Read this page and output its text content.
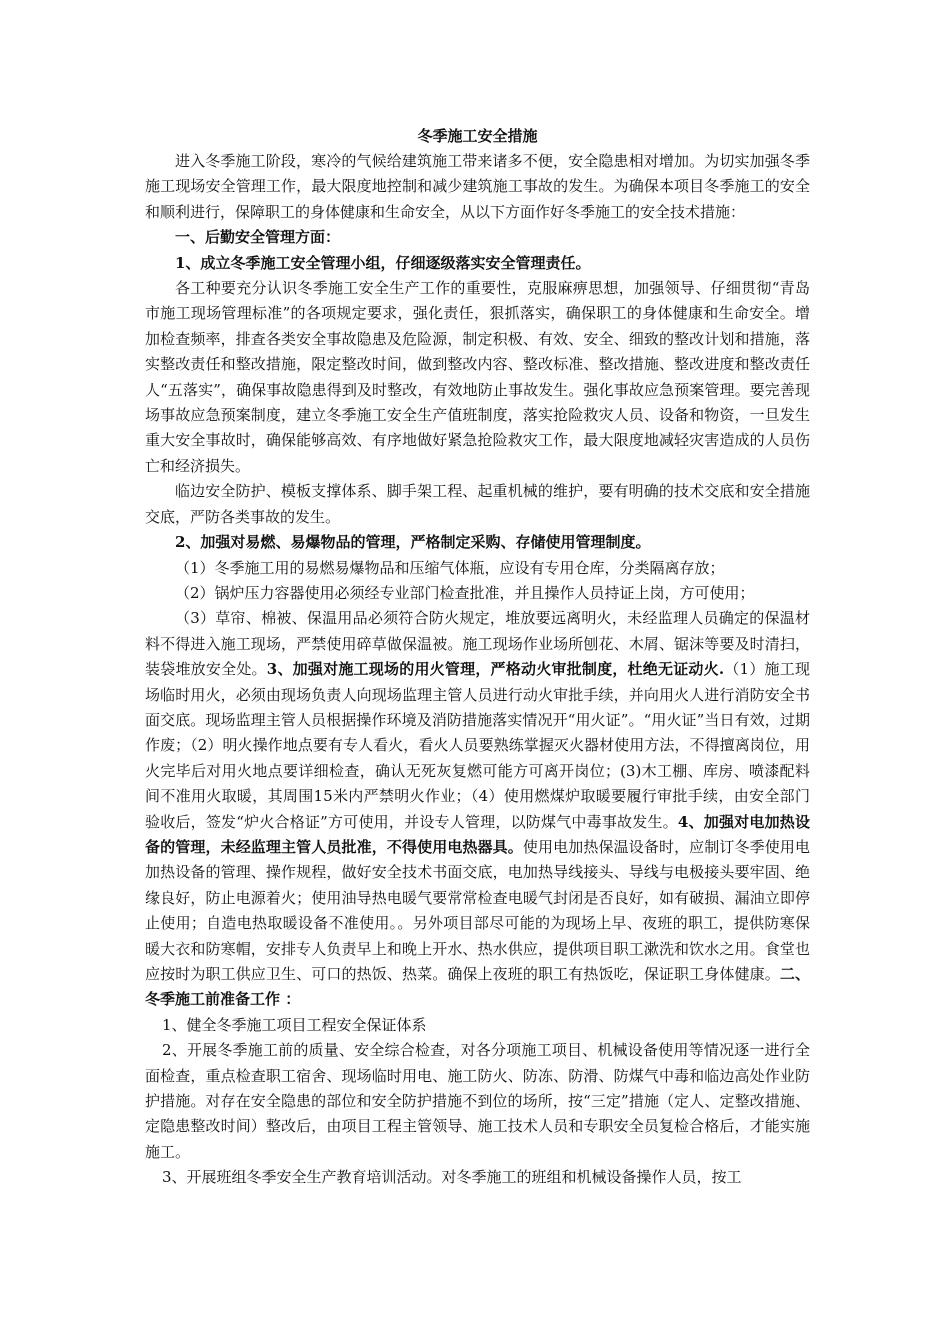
冬季施工安全措施

进入冬季施工阶段，寒冷的气候给建筑施工带来诸多不便，安全隐患相对增加。为切实加强冬季施工现场安全管理工作，最大限度地控制和减少建筑施工事故的发生。为确保本项目冬季施工的安全和顺利进行，保障职工的身体健康和生命安全，从以下方面作好冬季施工的安全技术措施：

一、后勤安全管理方面：

1、成立冬季施工安全管理小组，仔细逐级落实安全管理责任。

各工种要充分认识冬季施工安全生产工作的重要性，克服麻痹思想，加强领导、仔细贯彻“青岛市施工现场管理标准”的各项规定要求，强化责任，狠抓落实，确保职工的身体健康和生命安全。增加检查频率，排查各类安全事故隐患及危险源，制定积极、有效、安全、细致的整改计划和措施，落实整改责任和整改措施，限定整改时间，做到整改内容、整改标准、整改措施、整改进度和整改责任人“五落实”，确保事故隐患得到及时整改，有效地防止事故发生。强化事故应急预案管理。要完善现场事故应急预案制度，建立冬季施工安全生产值班制度，落实抢险救灾人员、设备和物资，一旦发生重大安全事故时，确保能够高效、有序地做好紧急抢险救灾工作，最大限度地减轻灾害造成的人员伤亡和经济损失。

临边安全防护、模板支撑体系、脚手架工程、起重机械的维护，要有明确的技术交底和安全措施交底，严防各类事故的发生。

2、加强对易燃、易爆物品的管理，严格制定采购、存储使用管理制度。

（1）冬季施工用的易燃易爆物品和压缩气体瓶，应设有专用仓库，分类隔离存放；

（2）锅炉压力容器使用必须经专业部门检查批准，并且操作人员持证上岗，方可使用；

（3）草帘、棉被、保温用品必须符合防火规定，堆放要远离明火，未经监理人员确定的保温材料不得进入施工现场，严禁使用碎草做保温被。施工现场作业场所刨花、木屑、锯沫等要及时清扫，装袋堆放安全处。3、加强对施工现场的用火管理，严格动火审批制度，杜绝无证动火.（1）施工现场临时用火，必须由现场负责人向现场监理主管人员进行动火审批手续，并向用火人进行消防安全书面交底。现场监理主管人员根据操作环境及消防措施落实情况开“用火证”。“用火证”当日有效，过期作废；（2）明火操作地点要有专人看火，看火人员要熟练掌握灭火器材使用方法，不得擅离岗位，用火完毕后对用火地点要详细检查，确认无死灰复燃可能方可离开岗位；(3)木工棚、库房、喷漆配料间不准用火取暖，其周围15米内严禁明火作业；（4）使用燃煤炉取暖要履行审批手续，由安全部门验收后，签发“炉火合格证”方可使用，并设专人管理，以防煤气中毒事故发生。4、加强对电加热设备的管理，未经监理主管人员批准，不得使用电热器具。使用电加热保温设备时，应制订冬季使用电加热设备的管理、操作规程，做好安全技术书面交底，电加热导线接头、导线与电极接头要牢固、绝缘良好，防止电源着火；使用油导热电暖气要常常检查电暖气封闭是否良好，如有破损、漏油立即停止使用；自造电热取暖设备不准使用。。另外项目部尽可能的为现场上早、夜班的职工，提供防寒保暖大衣和防寒帽，安排专人负责早上和晚上开水、热水供应，提供项目职工漱洗和饮水之用。食堂也应按时为职工供应卫生、可口的热饭、热菜。确保上夜班的职工有热饭吃，保证职工身体健康。二、冬季施工前准备工作 ：

1、健全冬季施工项目工程安全保证体系

2、开展冬季施工前的质量、安全综合检查，对各分项施工项目、机械设备使用等情况逐一进行全面检查，重点检查职工宿舍、现场临时用电、施工防火、防冻、防滑、防煤气中毒和临边高处作业防护措施。对存在安全隐患的部位和安全防护措施不到位的场所，按“三定”措施（定人、定整改措施、定隐患整改时间）整改后，由项目工程主管领导、施工技术人员和专职安全员复检合格后，才能实施施工。

3、开展班组冬季安全生产教育培训活动。对冬季施工的班组和机械设备操作人员，按工
